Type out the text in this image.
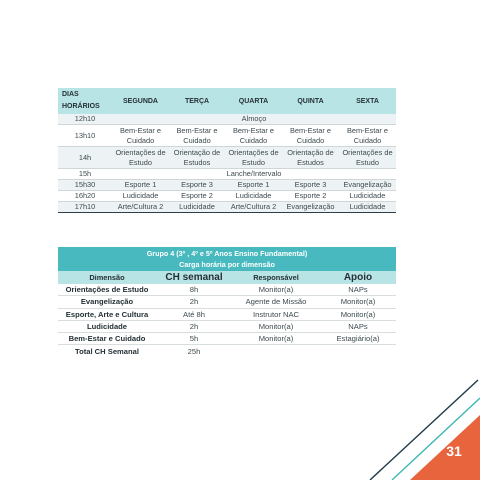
DIAS
HORÁRIOS	SEGUNDA	TERÇA	QUARTA	QUINTA	SEXTA
12h10	Almoço				
13h10	Bem-Estar e Cuidado	Bem-Estar e Cuidado	Bem-Estar e Cuidado	Bem-Estar e Cuidado	Bem-Estar e Cuidado
14h	Orientações de Estudo	Orientação de Estudos	Orientações de Estudo	Orientação de Estudos	Orientações de Estudo
15h	Lanche/Intervalo				
15h30	Esporte 1	Esporte 3	Esporte 1	Esporte 3	Evangelização
16h20	Ludicidade	Esporte 2	Ludicidade	Esporte 2	Ludicidade
17h10	Arte/Cultura 2	Ludicidade	Arte/Cultura 2	Evangelização	Ludicidade
Grupo 4 (3º , 4º e 5º Anos Ensino Fundamental)
Carga horária por dimensão
Dimensão	CH semanal	Responsável	Apoio
Orientações de Estudo	8h	Monitor(a)	NAPs
Evangelização	2h	Agente de Missão	Monitor(a)
Esporte, Arte e Cultura	Até 8h	Instrutor NAC	Monitor(a)
Ludicidade	2h	Monitor(a)	NAPs
Bem-Estar e Cuidado	5h	Monitor(a)	Estagiário(a)
Total CH Semanal	25h		
31
